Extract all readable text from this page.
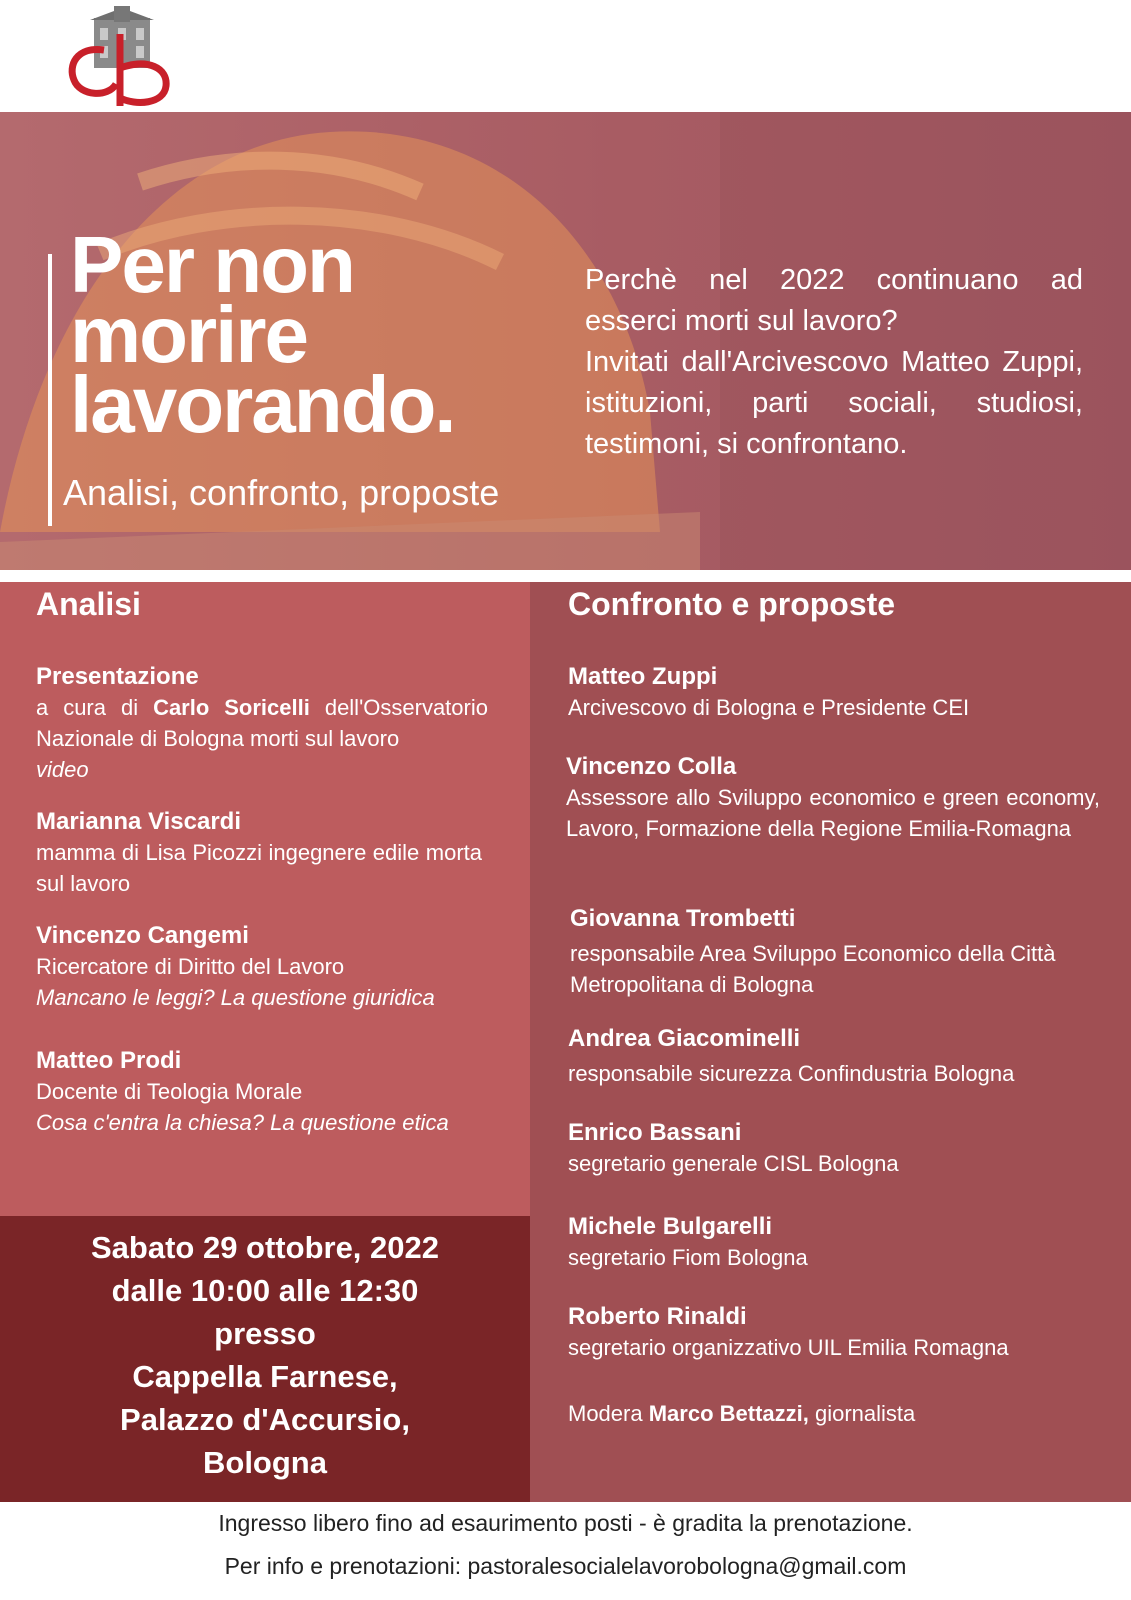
Per non
morire
lavorando.
Analisi, confronto, proposte

Perchè nel 2022 continuano ad esserci morti sul lavoro?

Invitati dall'Arcivescovo Matteo Zuppi, istituzioni, parti sociali, studiosi, testimoni, si confrontano.

Analisi
Presentazione
a cura di Carlo Soricelli dell'Osservatorio Nazionale di Bologna morti sul lavoro
video
Marianna Viscardi
mamma di Lisa Picozzi ingegnere edile morta sul lavoro
Vincenzo Cangemi
Ricercatore di Diritto del Lavoro
Mancano le leggi? La questione giuridica
Matteo Prodi
Docente di Teologia Morale
Cosa c'entra la chiesa? La questione etica
Sabato 29 ottobre, 2022
dalle 10:00 alle 12:30
presso
Cappella Farnese,
Palazzo d'Accursio,
Bologna
Confronto e proposte
Matteo Zuppi
Arcivescovo di Bologna e Presidente CEI
Vincenzo Colla
Assessore allo Sviluppo economico e green economy, Lavoro, Formazione della Regione Emilia-Romagna
Giovanna Trombetti
responsabile Area Sviluppo Economico della Città Metropolitana di Bologna
Andrea Giacominelli
responsabile sicurezza Confindustria Bologna
Enrico Bassani
segretario generale CISL Bologna
Michele Bulgarelli
segretario Fiom Bologna
Roberto Rinaldi
segretario organizzativo UIL Emilia Romagna
Modera Marco Bettazzi, giornalista
Ingresso libero fino ad esaurimento posti - è gradita la prenotazione.
Per info e prenotazioni: pastoralesocialelavorobologna@gmail.com
